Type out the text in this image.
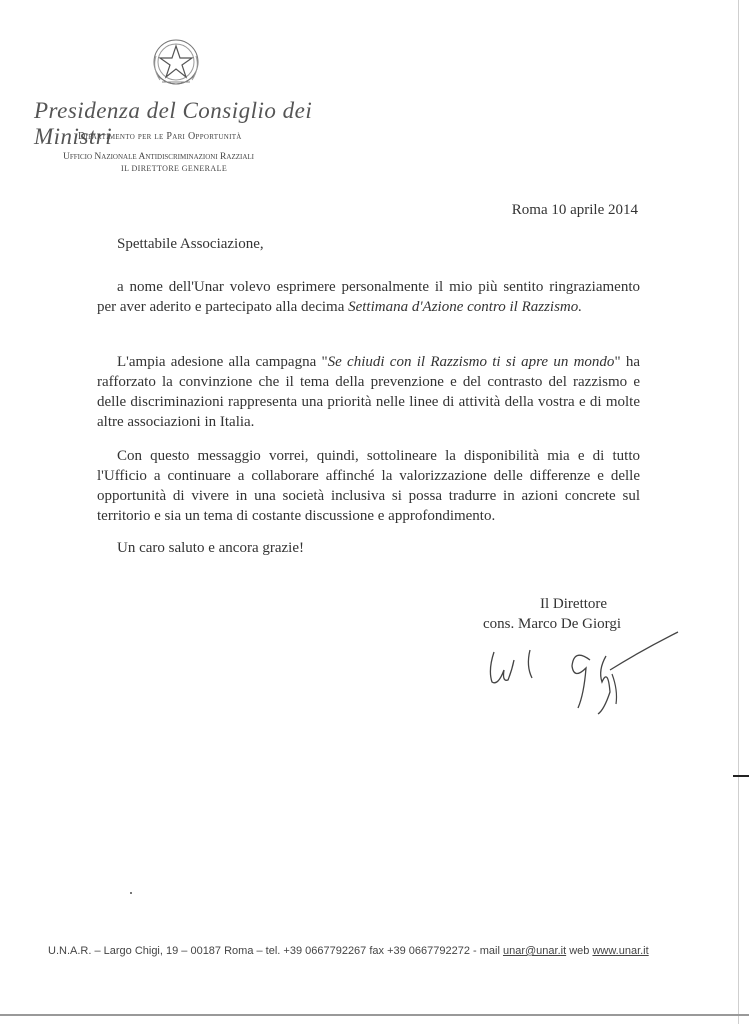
Presidenza del Consiglio dei Ministri
Dipartimento per le Pari Opportunità
Ufficio Nazionale Antidiscriminazioni Razziali
IL DIRETTORE GENERALE
Roma 10 aprile 2014
Spettabile Associazione,
a nome dell'Unar volevo esprimere personalmente il mio più sentito ringraziamento per aver aderito e partecipato alla decima Settimana d'Azione contro il Razzismo.
L'ampia adesione alla campagna "Se chiudi con il Razzismo ti si apre un mondo" ha rafforzato la convinzione che il tema della prevenzione e del contrasto del razzismo e delle discriminazioni rappresenta una priorità nelle linee di attività della vostra e di molte altre associazioni in Italia.
Con questo messaggio vorrei, quindi, sottolineare la disponibilità mia e di tutto l'Ufficio a continuare a collaborare affinché la valorizzazione delle differenze e delle opportunità di vivere in una società inclusiva si possa tradurre in azioni concrete sul territorio e sia un tema di costante discussione e approfondimento.
Un caro saluto e ancora grazie!
Il Direttore
cons. Marco De Giorgi
U.N.A.R. – Largo Chigi, 19 – 00187 Roma – tel. +39 0667792267 fax +39 0667792272 - mail unar@unar.it web www.unar.it
